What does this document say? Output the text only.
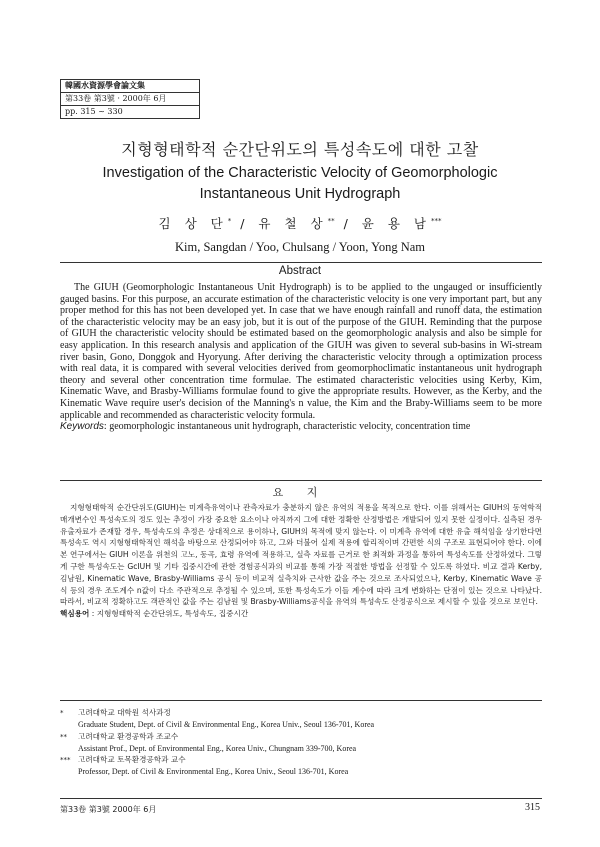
韓國水資源學會論文集
第33卷 第3號 · 2000年 6月
pp. 315 ~ 330
지형형태학적 순간단위도의 특성속도에 대한 고찰
Investigation of the Characteristic Velocity of Geomorphologic
Instantaneous Unit Hydrograph
김 상 단* / 유 철 상** / 윤 용 남***
Kim, Sangdan / Yoo, Chulsang / Yoon, Yong Nam
Abstract

The GIUH (Geomorphologic Instantaneous Unit Hydrograph) is to be applied to the ungauged or insufficiently gauged basins. For this purpose, an accurate estimation of the characteristic velocity is one very important part, but any proper method for this has not been developed yet. In case that we have enough rainfall and runoff data, the estimation of the characteristic velocity may be an easy job, but it is out of the purpose of the GIUH. Reminding that the purpose of GIUH the characteristic velocity should be estimated based on the geomorphologic analysis and also be simple for easy application. In this research analysis and application of the GIUH was given to several sub-basins in Wi-stream river basin, Gono, Donggok and Hyoryung. After deriving the characteristic velocity through a optimization process with real data, it is compared with several velocities derived from geomorphoclimatic instantaneous unit hydrograph theory and several other concentration time formulae. The estimated characteristic velocities using Kerby, Kim, Kinematic Wave, and Brasby-Williams formulae found to give the appropriate results. However, as the Kerby, and the Kinematic Wave require user's decision of the Manning's n value, the Kim and the Braby-Williams seem to be more applicable and recommended as characteristic velocity formula.

Keywords: geomorphologic instantaneous unit hydrograph, characteristic velocity, concentration time

요 지

지형형태학적 순간단위도(GIUH)는 미계측유역이나 관측자료가 충분하지 않은 유역의 적용을 목적으로 한다. 이를 위해서는 GIUH의 동역학적 매개변수인 특성속도의 정도 있는 추정이 가장 중요한 요소이나 아직까지 그에 대한 정확한 산정방법은 개발되어 있지 못한 실정이다. 실측된 경우 유출자료가 존재할 경우, 특성속도의 추정은 상대적으로 용이하나, GIUH의 목적에 맞지 않는다. 이 미계측 유역에 대한 유출 해석임을 상기한다면 특성속도 역시 지형형태학적인 해석을 바탕으로 산정되어야 하고, 그와 더불어 실제 적용에 합리적이며 간편한 식의 구조로 표현되어야 한다. 이에 본 연구에서는 GIUH 이론을 위천의 고노, 동곡, 효령 유역에 적용하고, 실측 자료를 근거로 한 최적화 과정을 통하여 특성속도를 산정하였다. 그렇게 구한 특성속도는 GcIUH 및 기타 집중시간에 관한 경험공식과의 비교를 통해 가장 적절한 방법을 선정할 수 있도록 하였다. 비교 결과 Kerby, 김남원, Kinematic Wave, Brasby-Williams 공식 등이 비교적 실측치와 근사한 값을 주는 것으로 조사되었으나, Kerby, Kinematic Wave 공식 등의 경우 조도계수 n값이 다소 주관적으로 추정될 수 있으며, 또한 특성속도가 이들 계수에 따라 크게 변화하는 단점이 있는 것으로 나타났다. 따라서, 비교적 정확하고도 객관적인 값을 주는 김남원 및 Brasby-Williams공식을 유역의 특성속도 산정공식으로 제시할 수 있을 것으로 보인다.

핵심용어 : 지형형태학적 순간단위도, 특성속도, 집중시간

* 고려대학교 대학원 석사과정
Graduate Student, Dept. of Civil & Environmental Eng., Korea Univ., Seoul 136-701, Korea
** 고려대학교 환경공학과 조교수
Assistant Prof., Dept. of Environmental Eng., Korea Univ., Chungnam 339-700, Korea
*** 고려대학교 토목환경공학과 교수
Professor, Dept. of Civil & Environmental Eng., Korea Univ., Seoul 136-701, Korea
第33卷 第3號 2000年 6月	315
